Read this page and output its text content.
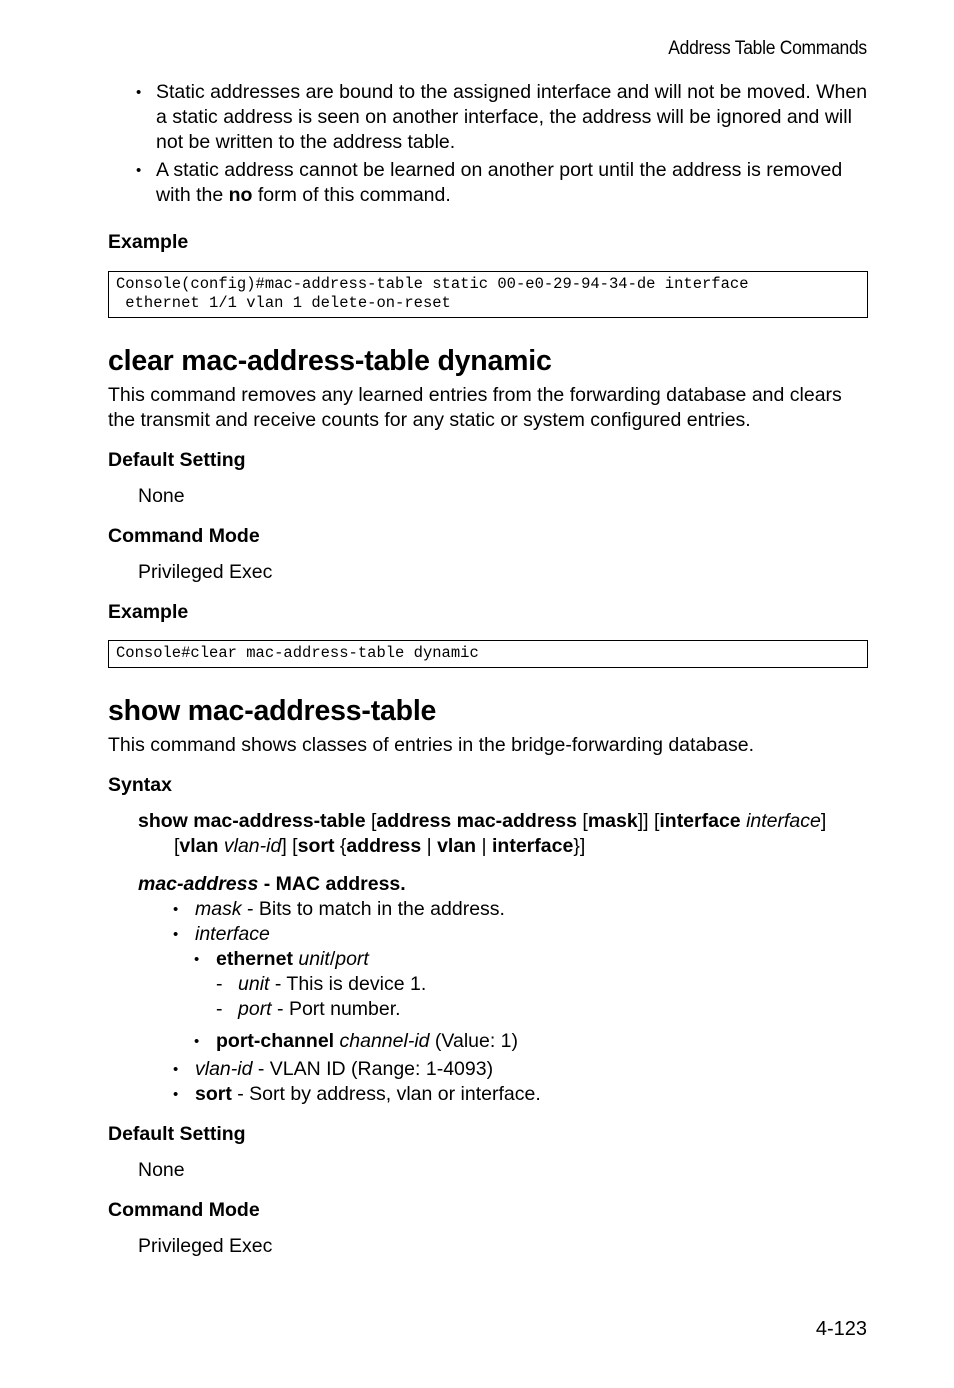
Address Table Commands
• Static addresses are bound to the assigned interface and will not be moved. When a static address is seen on another interface, the address will be ignored and will not be written to the address table.
• A static address cannot be learned on another port until the address is removed with the no form of this command.
Example
Console(config)#mac-address-table static 00-e0-29-94-34-de interface
ethernet 1/1 vlan 1 delete-on-reset
clear mac-address-table dynamic
This command removes any learned entries from the forwarding database and clears the transmit and receive counts for any static or system configured entries.
Default Setting
None
Command Mode
Privileged Exec
Example
Console#clear mac-address-table dynamic
show mac-address-table
This command shows classes of entries in the bridge-forwarding database.
Syntax
show mac-address-table [address mac-address [mask]] [interface interface]
[vlan vlan-id] [sort {address | vlan | interface}]
mac-address - MAC address.
• mask - Bits to match in the address.
• interface
• ethernet unit/port
- unit - This is device 1.
- port - Port number.
• port-channel channel-id (Value: 1)
• vlan-id - VLAN ID (Range: 1-4093)
• sort - Sort by address, vlan or interface.
Default Setting
None
Command Mode
Privileged Exec
4-123
